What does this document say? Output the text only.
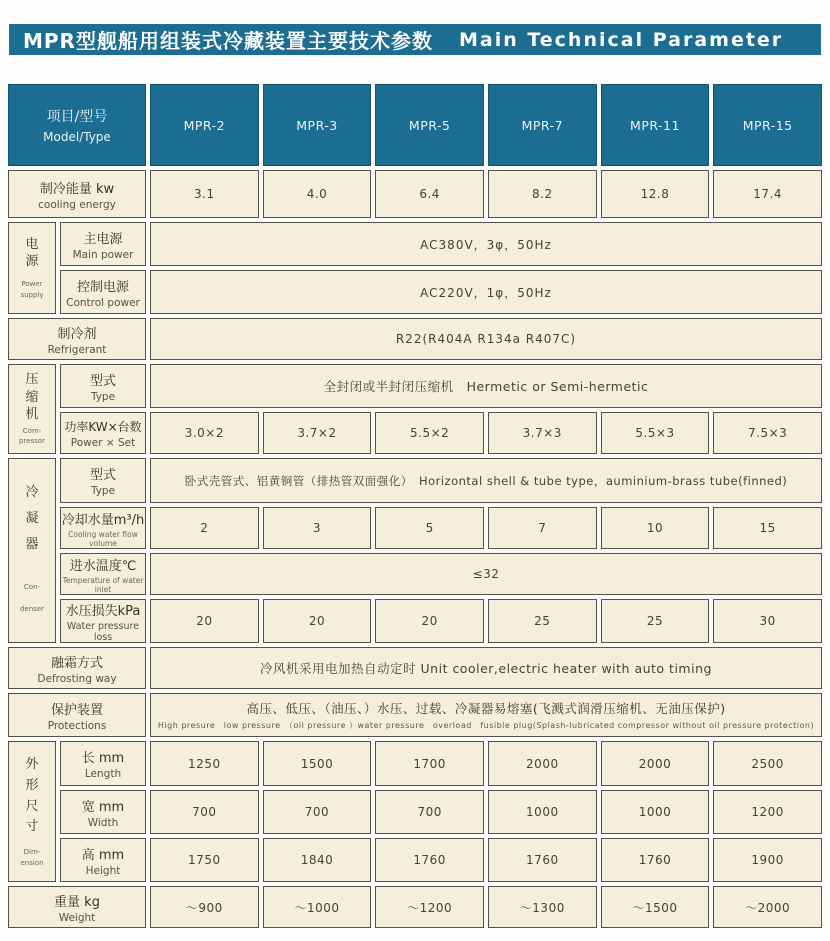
MPR型舰船用组装式冷藏装置主要技术参数 Main Technical Parameter
项目/型号
Model/Type
MPR-2	MPR-3	MPR-5	MPR-7	MPR-11	MPR-15
制冷能量 kw
cooling energy
3.1	4.0	6.4	8.2	12.8	17.4
电源
Power
supply
主电源
Main power
AC380V，3φ，50Hz
控制电源
Control power
AC220V，1φ，50Hz
制冷剂
Refrigerant
R22(R404A R134a R407C)
压缩机
Com-
pressor
型式
Type
全封闭或半封闭压缩机　Hermetic or Semi-hermetic
功率KW×台数
Power × Set
3.0×2	3.7×2	5.5×2	3.7×3	5.5×3	7.5×3
冷凝器
Con-
denser
型式
Type
卧式壳管式、铝黄铜管（排热管双面强化）　Horizontal shell & tube type，auminium-brass tube(finned)
冷却水量m³/h
Cooling water flow volume
2	3	5	7	10	15
进水温度℃
Temperature of water inlet
≤32
水压损失kPa
Water pressure loss
20	20	20	25	25	30
融霜方式
Defrosting way
冷风机采用电加热自动定时 Unit cooler,electric heater with auto timing
保护装置
Protections
高压、低压、（油压、）水压、过载、冷凝器易熔塞(飞溅式润滑压缩机、无油压保护)
High presure　low pressure　（oil pressure ）water pressure　overload　fusible plug(Splash-lubricated compressor without oil pressure protection)
外形尺寸
Dim-
ension
长 mm
Length
1250	1500	1700	2000	2000	2500
宽 mm
Width
700	700	700	1000	1000	1200
高 mm
Height
1750	1840	1760	1760	1760	1900
重量 kg
Weight
～900	～1000	～1200	～1300	～1500	～2000
